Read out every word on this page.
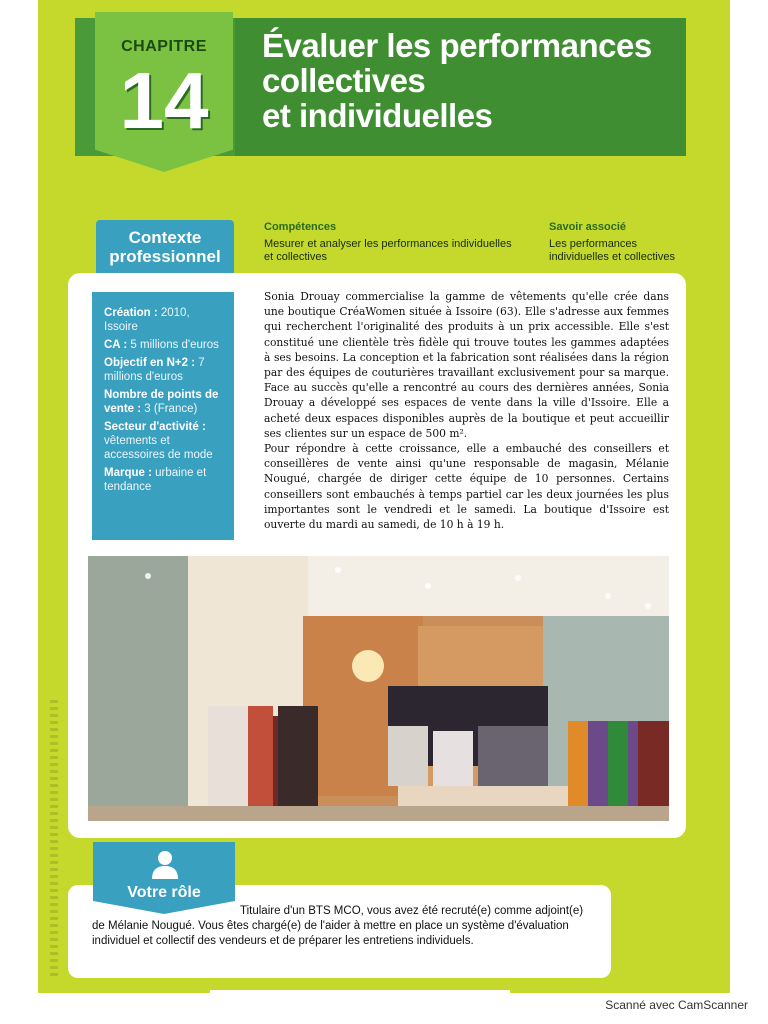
CHAPITRE
14
Évaluer les performances
collectives
et individuelles
Contexte
professionnel
Compétences
Mesurer et analyser les performances individuelles
et collectives
Savoir associé
Les performances
individuelles et collectives
Création : 2010, Issoire
CA : 5 millions d'euros
Objectif en N+2 : 7 millions d'euros
Nombre de points de vente : 3 (France)
Secteur d'activité : vêtements et accessoires de mode
Marque : urbaine et tendance

Sonia Drouay commercialise la gamme de vêtements qu'elle crée dans une boutique CréaWomen située à Issoire (63). Elle s'adresse aux femmes qui recherchent l'originalité des produits à un prix accessible. Elle s'est constitué une clientèle très fidèle qui trouve toutes les gammes adaptées à ses besoins. La conception et la fabrication sont réalisées dans la région par des équipes de couturières travaillant exclusivement pour sa marque. Face au succès qu'elle a rencontré au cours des dernières années, Sonia Drouay a développé ses espaces de vente dans la ville d'Issoire. Elle a acheté deux espaces disponibles auprès de la boutique et peut accueillir ses clientes sur un espace de 500 m².

Pour répondre à cette croissance, elle a embauché des conseillers et conseillères de vente ainsi qu'une responsable de magasin, Mélanie Nougué, chargée de diriger cette équipe de 10 personnes. Certains conseillers sont embauchés à temps partiel car les deux journées les plus importantes sont le vendredi et le samedi. La boutique d'Issoire est ouverte du mardi au samedi, de 10 h à 19 h.

Votre rôle
Titulaire d'un BTS MCO, vous avez été recruté(e) comme adjoint(e)
de Mélanie Nougué. Vous êtes chargé(e) de l'aider à mettre en place un système d'évaluation
individuel et collectif des vendeurs et de préparer les entretiens individuels.
Scanné avec CamScanner
